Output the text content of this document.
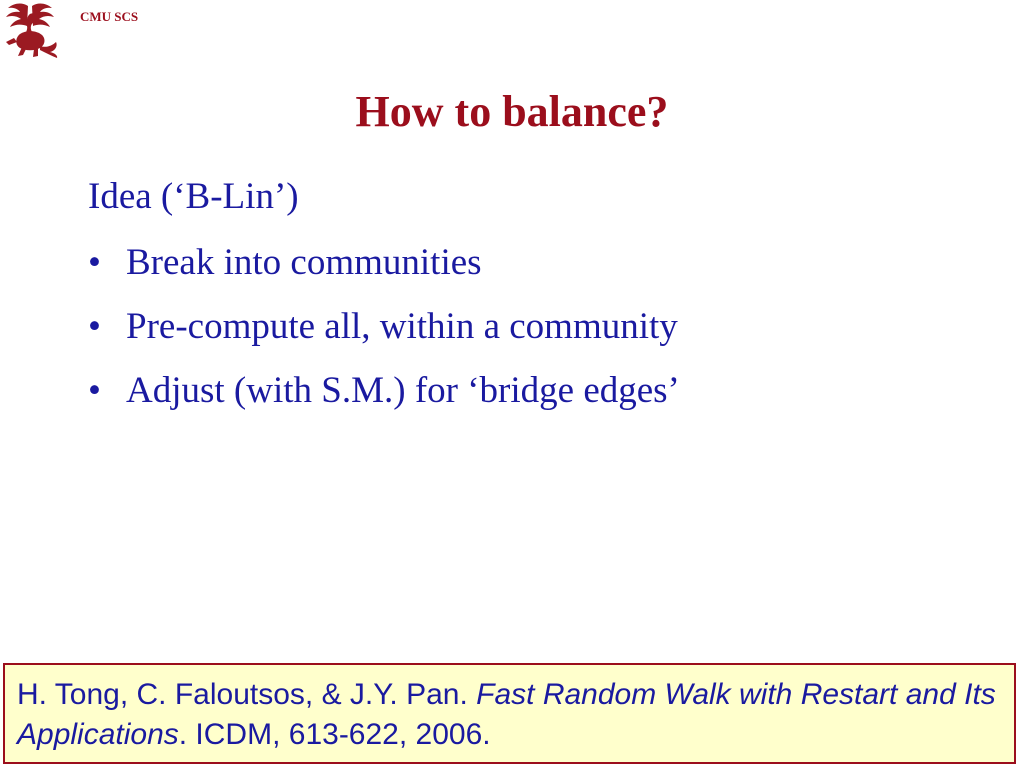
CMU SCS
How to balance?

Idea (‘B-Lin’)

• Break into communities
• Pre-compute all, within a community
• Adjust (with S.M.) for ‘bridge edges’
H. Tong, C. Faloutsos, & J.Y. Pan. Fast Random Walk with Restart and Its Applications. ICDM, 613-622, 2006.
